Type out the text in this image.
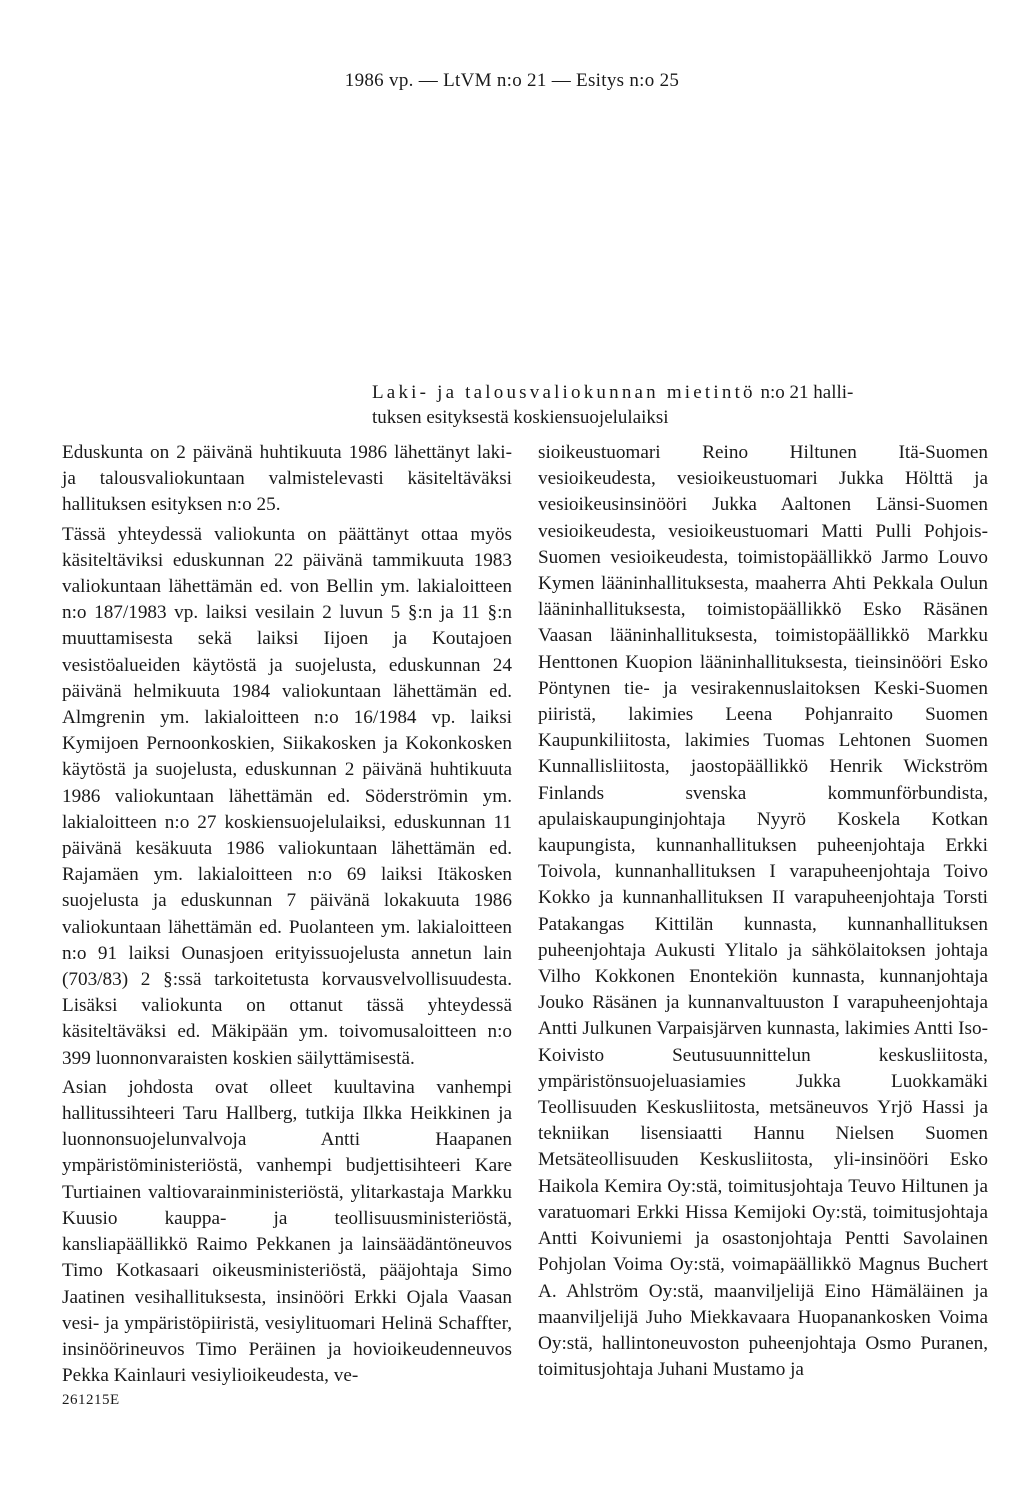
1986 vp. — LtVM n:o 21 — Esitys n:o 25
Laki- ja talousvaliokunnan mietintö n:o 21 halli-
tuksen esityksestä koskiensuojelulaiksi

Eduskunta on 2 päivänä huhtikuuta 1986 lähettänyt laki- ja talousvaliokuntaan valmistelevasti käsiteltäväksi hallituksen esityksen n:o 25.

Tässä yhteydessä valiokunta on päättänyt ottaa myös käsiteltäviksi eduskunnan 22 päivänä tammikuuta 1983 valiokuntaan lähettämän ed. von Bellin ym. lakialoitteen n:o 187/1983 vp. laiksi vesilain 2 luvun 5 §:n ja 11 §:n muuttamisesta sekä laiksi Iijoen ja Koutajoen vesistöalueiden käytöstä ja suojelusta, eduskunnan 24 päivänä helmikuuta 1984 valiokuntaan lähettämän ed. Almgrenin ym. lakialoitteen n:o 16/1984 vp. laiksi Kymijoen Pernoonkoskien, Siikakosken ja Kokonkosken käytöstä ja suojelusta, eduskunnan 2 päivänä huhtikuuta 1986 valiokuntaan lähettämän ed. Söderströmin ym. lakialoitteen n:o 27 koskiensuojelulaiksi, eduskunnan 11 päivänä kesäkuuta 1986 valiokuntaan lähettämän ed. Rajamäen ym. lakialoitteen n:o 69 laiksi Itäkosken suojelusta ja eduskunnan 7 päivänä lokakuuta 1986 valiokuntaan lähettämän ed. Puolanteen ym. lakialoitteen n:o 91 laiksi Ounasjoen erityissuojelusta annetun lain (703/83) 2 §:ssä tarkoitetusta korvausvelvollisuudesta. Lisäksi valiokunta on ottanut tässä yhteydessä käsiteltäväksi ed. Mäkipään ym. toivomusaloitteen n:o 399 luonnonvaraisten koskien säilyttämisestä.

Asian johdosta ovat olleet kuultavina vanhempi hallitussihteeri Taru Hallberg, tutkija Ilkka Heikkinen ja luonnonsuojelunvalvoja Antti Haapanen ympäristöministeriöstä, vanhempi budjettisihteeri Kare Turtiainen valtiovarainministeriöstä, ylitarkastaja Markku Kuusio kauppa- ja teollisuusministeriöstä, kansliapäällikkö Raimo Pekkanen ja lainsäädäntöneuvos Timo Kotkasaari oikeusministeriöstä, pääjohtaja Simo Jaatinen vesihallituksesta, insinööri Erkki Ojala Vaasan vesi- ja ympäristöpiiristä, vesiylituomari Helinä Schaffter, insinöörineuvos Timo Peräinen ja hovioikeudenneuvos Pekka Kainlauri vesiylioikeudesta, ve-

sioikeustuomari Reino Hiltunen Itä-Suomen vesioikeudesta, vesioikeustuomari Jukka Hölttä ja vesioikeusinsinööri Jukka Aaltonen Länsi-Suomen vesioikeudesta, vesioikeustuomari Matti Pulli Pohjois-Suomen vesioikeudesta, toimistopäällikkö Jarmo Louvo Kymen lääninhallituksesta, maaherra Ahti Pekkala Oulun lääninhallituksesta, toimistopäällikkö Esko Räsänen Vaasan lääninhallituksesta, toimistopäällikkö Markku Henttonen Kuopion lääninhallituksesta, tieinsinööri Esko Pöntynen tie- ja vesirakennuslaitoksen Keski-Suomen piiristä, lakimies Leena Pohjanraito Suomen Kaupunkiliitosta, lakimies Tuomas Lehtonen Suomen Kunnallisliitosta, jaostopäällikkö Henrik Wickström Finlands svenska kommunförbundista, apulaiskaupunginjohtaja Nyyrö Koskela Kotkan kaupungista, kunnanhallituksen puheenjohtaja Erkki Toivola, kunnanhallituksen I varapuheenjohtaja Toivo Kokko ja kunnanhallituksen II varapuheenjohtaja Torsti Patakangas Kittilän kunnasta, kunnanhallituksen puheenjohtaja Aukusti Ylitalo ja sähkölaitoksen johtaja Vilho Kokkonen Enontekiön kunnasta, kunnanjohtaja Jouko Räsänen ja kunnanvaltuuston I varapuheenjohtaja Antti Julkunen Varpaisjärven kunnasta, lakimies Antti Iso-Koivisto Seutusuunnittelun keskusliitosta, ympäristönsuojeluasiamies Jukka Luokkamäki Teollisuuden Keskusliitosta, metsäneuvos Yrjö Hassi ja tekniikan lisensiaatti Hannu Nielsen Suomen Metsäteollisuuden Keskusliitosta, yli-insinööri Esko Haikola Kemira Oy:stä, toimitusjohtaja Teuvo Hiltunen ja varatuomari Erkki Hissa Kemijoki Oy:stä, toimitusjohtaja Antti Koivuniemi ja osastonjohtaja Pentti Savolainen Pohjolan Voima Oy:stä, voimapäällikkö Magnus Buchert A. Ahlström Oy:stä, maanviljelijä Eino Hämäläinen ja maanviljelijä Juho Miekkavaara Huopanankosken Voima Oy:stä, hallintoneuvoston puheenjohtaja Osmo Puranen, toimitusjohtaja Juhani Mustamo ja

261215E
